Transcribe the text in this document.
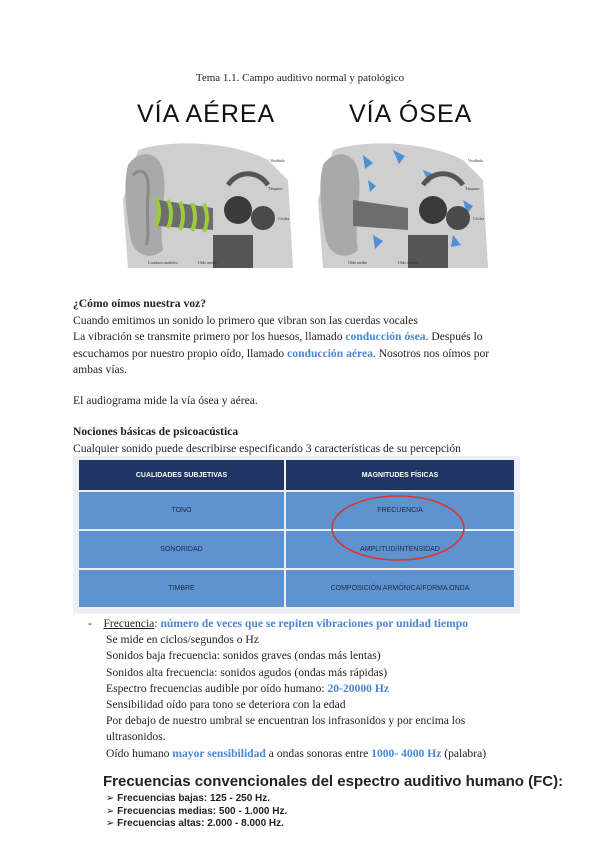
Tema 1.1. Campo auditivo normal y patológico
VÍA AÉREA	VÍA ÓSEA
Vestíbulo
Cóclea
Tímpano
Conducto auditivo	Oído medio
Vestíbulo
Cóclea
Tímpano
Oído medio	Oído interno
¿Cómo oímos nuestra voz?
Cuando emitimos un sonido lo primero que vibran son las cuerdas vocales
La vibración se transmite primero por los huesos, llamado conducción ósea. Después lo
escuchamos por nuestro propio oído, llamado conducción aérea. Nosotros nos oímos por
ambas vías.
El audiograma mide la vía ósea y aérea.
Nociones básicas de psicoacústica
Cualquier sonido puede describirse especificando 3 características de su percepción
CUALIDADES SUBJETIVAS	MAGNITUDES FÍSICAS
TONO	FRECUENCIA
SONORIDAD	AMPLITUD/INTENSIDAD
TIMBRE	COMPOSICIÓN ARMÓNICA/FORMA ONDA
- Frecuencia: número de veces que se repiten vibraciones por unidad tiempo
Se mide en ciclos/segundos o Hz
Sonidos baja frecuencia: sonidos graves (ondas más lentas)
Sonidos alta frecuencia: sonidos agudos (ondas más rápidas)
Espectro frecuencias audible por oído humano: 20-20000 Hz
Sensibilidad oído para tono se deteriora con la edad
Por debajo de nuestro umbral se encuentran los infrasonidos y por encima los
ultrasonidos.
Oído humano mayor sensibilidad a ondas sonoras entre 1000- 4000 Hz (palabra)
Frecuencias convencionales del espectro auditivo humano (FC):
➢ Frecuencias bajas: 125 - 250 Hz.
➢ Frecuencias medias: 500 - 1.000 Hz.
➢ Frecuencias altas: 2.000 - 8.000 Hz.
